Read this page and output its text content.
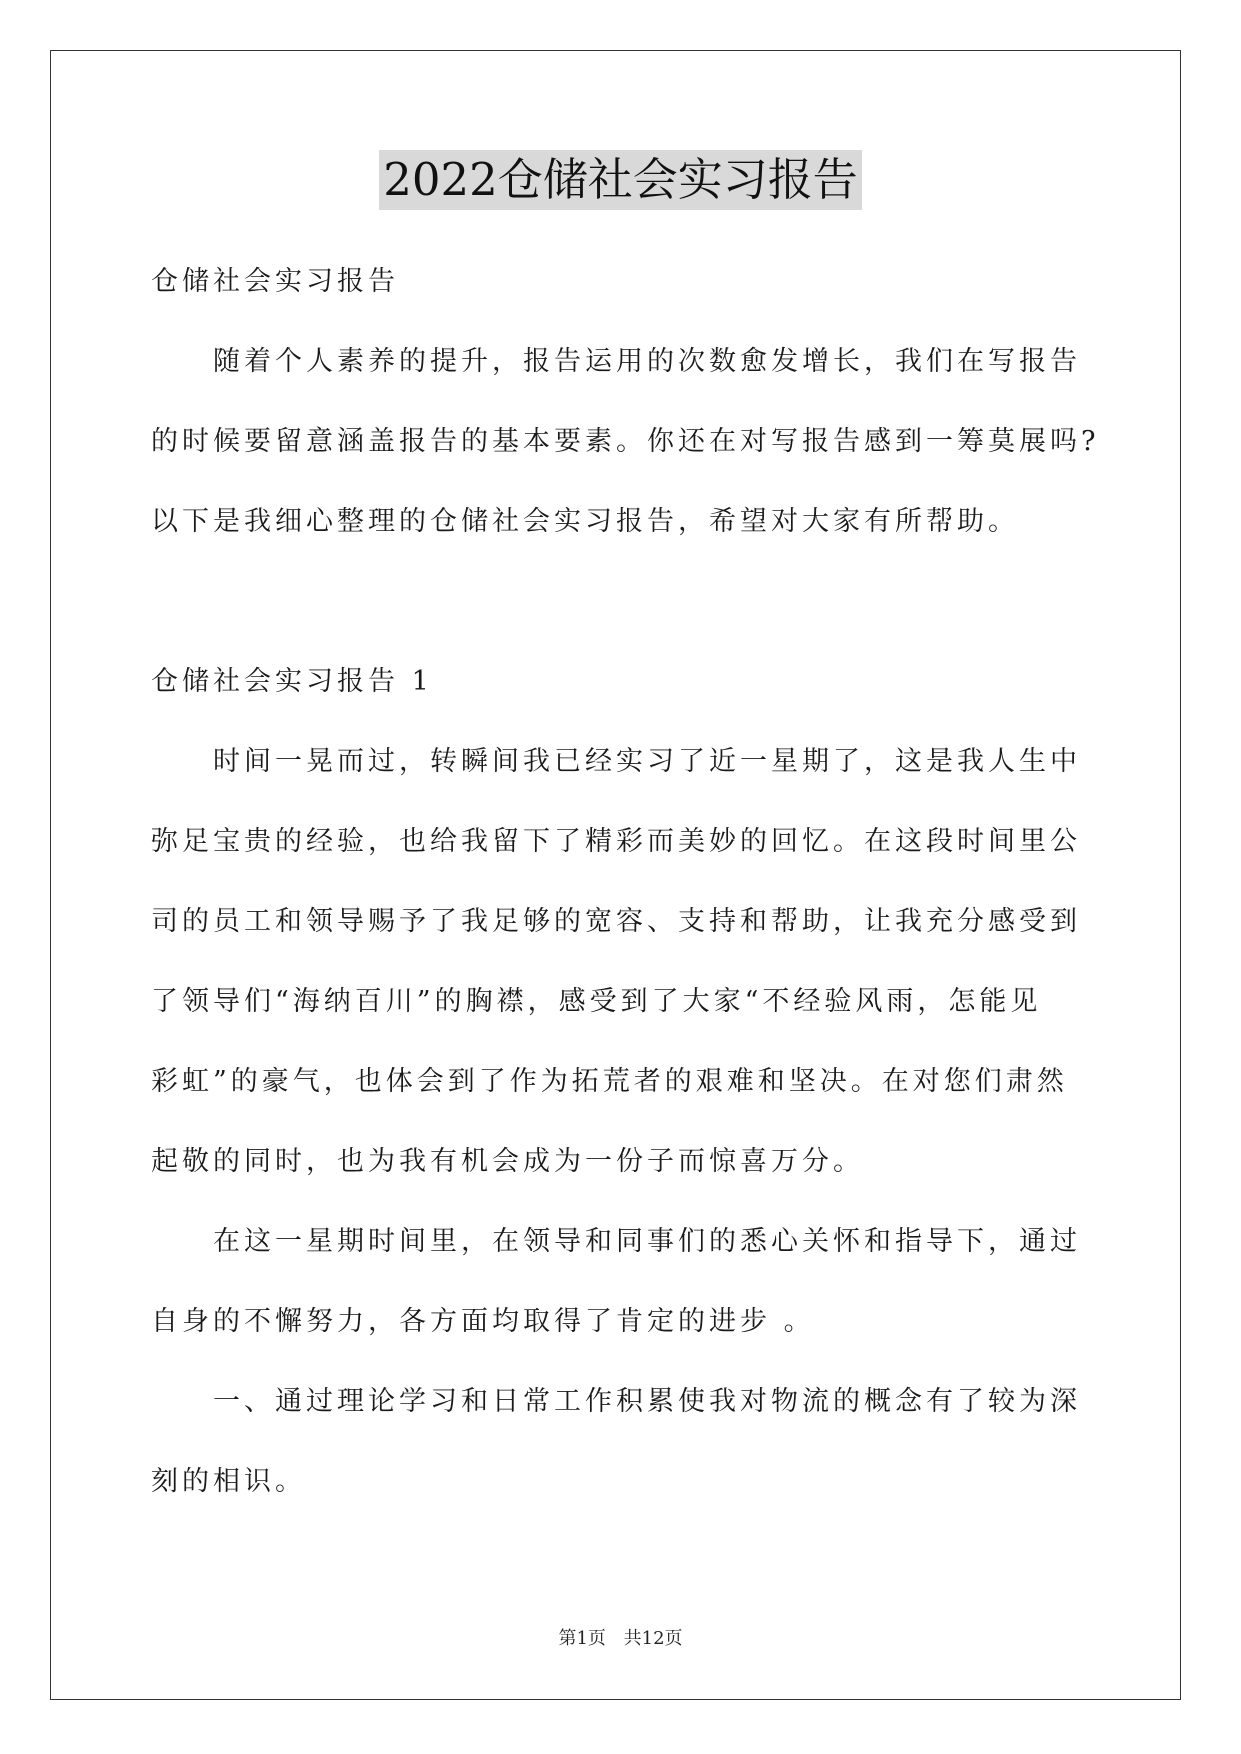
2022仓储社会实习报告
仓储社会实习报告
随着个人素养的提升，报告运用的次数愈发增长，我们在写报告
的时候要留意涵盖报告的基本要素。你还在对写报告感到一筹莫展吗?
以下是我细心整理的仓储社会实习报告，希望对大家有所帮助。
仓储社会实习报告 1
时间一晃而过，转瞬间我已经实习了近一星期了，这是我人生中
弥足宝贵的经验，也给我留下了精彩而美妙的回忆。在这段时间里公
司的员工和领导赐予了我足够的宽容、支持和帮助，让我充分感受到
了领导们“海纳百川”的胸襟，感受到了大家“不经验风雨，怎能见
彩虹”的豪气，也体会到了作为拓荒者的艰难和坚决。在对您们肃然
起敬的同时，也为我有机会成为一份子而惊喜万分。
在这一星期时间里，在领导和同事们的悉心关怀和指导下，通过
自身的不懈努力，各方面均取得了肯定的进步 。
一、通过理论学习和日常工作积累使我对物流的概念有了较为深
刻的相识。
第1页 共12页
